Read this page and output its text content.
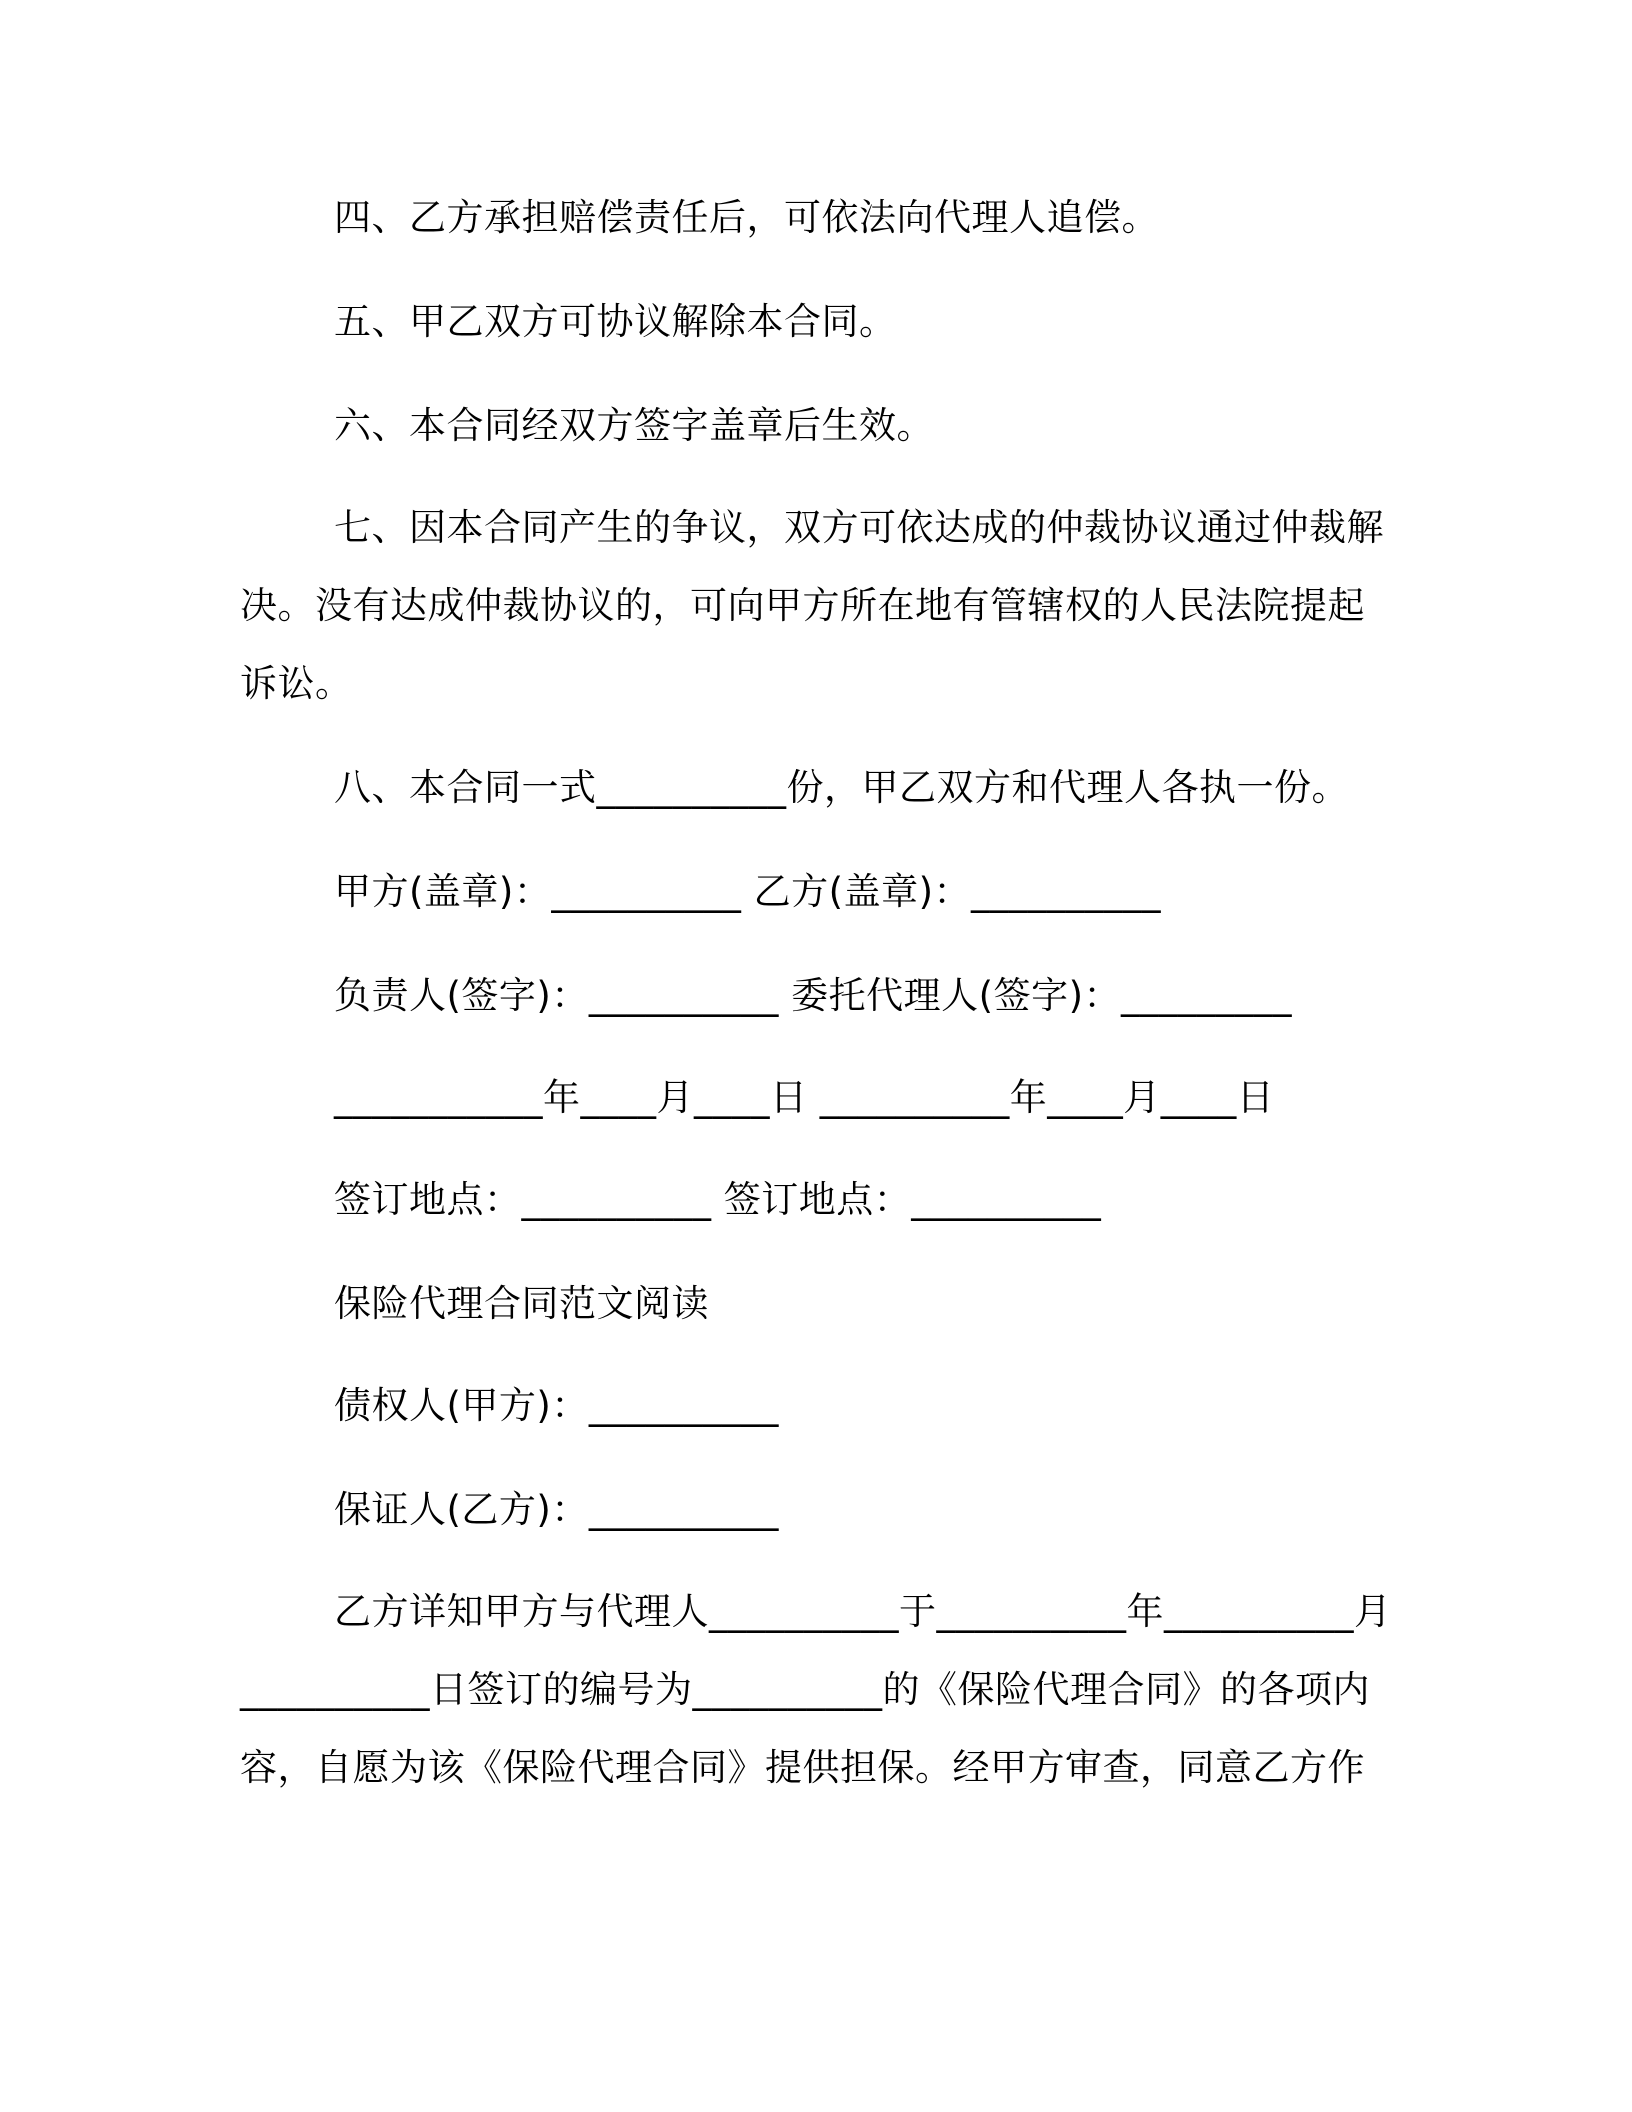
四、乙方承担赔偿责任后，可依法向代理人追偿。
五、甲乙双方可协议解除本合同。
六、本合同经双方签字盖章后生效。
七、因本合同产生的争议，双方可依达成的仲裁协议通过仲裁解
决。没有达成仲裁协议的，可向甲方所在地有管辖权的人民法院提起
诉讼。
八、本合同一式__________份，甲乙双方和代理人各执一份。
甲方(盖章)：__________ 乙方(盖章)：__________
负责人(签字)：__________ 委托代理人(签字)：_________
___________年____月____日 __________年____月____日
签订地点：__________ 签订地点：__________
保险代理合同范文阅读
债权人(甲方)：__________
保证人(乙方)：__________
乙方详知甲方与代理人__________于__________年__________月
__________日签订的编号为__________的《保险代理合同》的各项内
容，自愿为该《保险代理合同》提供担保。经甲方审查，同意乙方作
